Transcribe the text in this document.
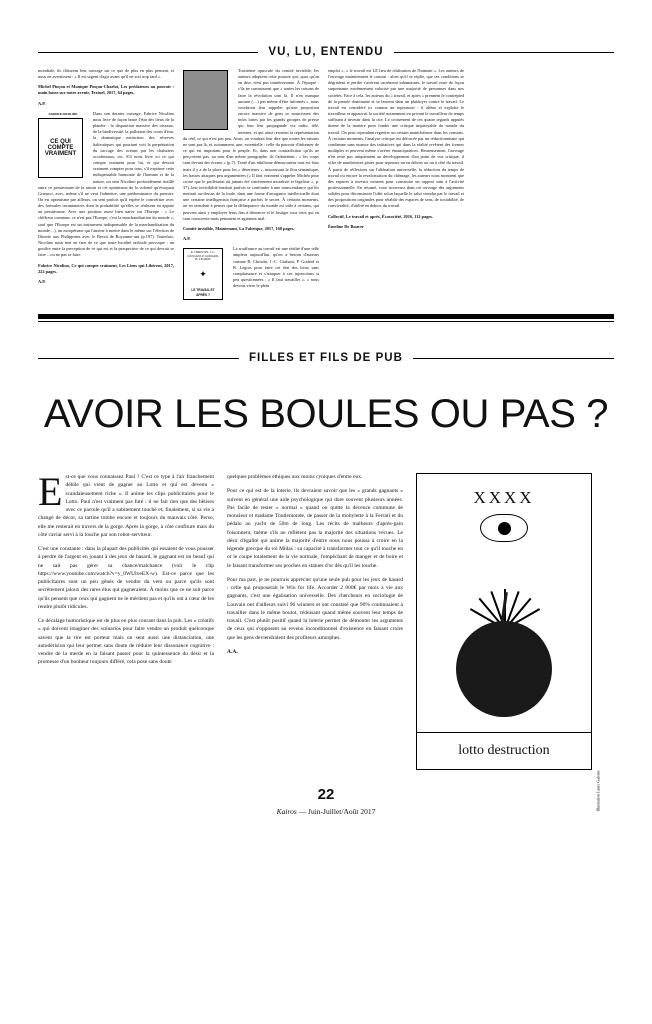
VU, LU, ENTENDU

mondiale, ils clôturent leur ouvrage sur ce que de plus en plus pensent, et nous en avertissent : « Il est urgent d'agir avant qu'il ne soit trop tard ».

Michel Pinçon et Monique Pinçon-Charlot, Les prédateurs au pouvoir : main basse sur notre avenir, Textuel, 2017, 64 pages.

A.P.

FABRICE NICOLINO
CE QUI COMPTE VRAIMENT

Dans son dernier ouvrage, Fabrice Nicolino nous livre de façon brute l'état des lieux de la planète : la disparition massive des oiseaux, de la biodiversité, la pollution des cours d'eau, la dramatique extinction des réserves halieutiques qui pourtant voit la perpétuation du saccage des océans par les chalutiers occidentaux, etc. S'il nous livre ici ce qui compte vraiment pour lui, et qui devrait vraiment compter pour tous, s'il exprime cette indispensable harmonie de l'homme et de la nature, on sent Nicolino profondément tiraillé entre ce pessimisme de la raison et cet optimisme de la volonté qu'évoquait Gramsci, avec, même s'il ne veut l'admettre, une prédominance du premier. On est optimisme par ailleurs, on sent parfois qu'il espère le concrétiser avec des formules incantatoires dont la probabilité qu'elles se réalisent en appuie au pessimisme. Avec une position assez bien naïve sur l'Europe : « Le chiffreur commun; ce n'est pas l'Europe, c'est la marchandisation du monde », sauf que l'Europe est un instrument indispensable de la marchandisation du monde…), un européisme qui l'amène à mettre dans le même sac l'élection de Duterte aux Philippines avec le Brexit de Royaume-uni (p.197). Toutefois, Nicolino nous met en face de ce que toute lucidité radicale provoque : un gouffre entre la perception de ce qui est et la perspective de ce qui devrait se faire – ou ne pas se faire.

Fabrice Nicolino, Ce qui compte vraiment, Les Liens qui Libèrent, 2017, 222 pages.

A.P.

Troisième opuscule du comité invisible, les auteurs adoptent cette posture qui, quoi qu'on en dise, n'est pas inintéressante. À l'époque : s'ils ne connaissent que « toutes les raisons de faire la révolution sont là. Il n'en manque aucune (…) pas même d'être informés », nous voudrions leur rappeler qu'une proportion encore massive de gens se nourrissent des infos faites par les grands groupes de presse qui font leur propagande via radio, télé, internet, et qui ainsi restreint la représentation du réel, ce qui n'est pas peu. Ainsi, on voudrait leur dire que toutes les raisons ne sont pas là, et, notamment, une, essentielle : celle du pouvoir d'informer de ce qui est important pour le peuple. Et, dans une contradiction qu'ils ne perçoivent pas, au sein d'un même paragraphe, ils l'admettent : « les corps sont devant des écrans » (p.7). Tenté d'un nihilisme dénonciateur tout est fous mais il y a de la place pour les « déserteurs », nourrissant le flou sémantique, les basses attaques peu argumentées (« Il faut vraiment s'appeler Michéa pour croire que le prolétariat ait jamais été sincèrement moraliste et légaliste », p. 37), leur invisibilité tendrait parfois se confondre à une transcendance qui les mettrait au-dessus de la foule, dans une forme d'arrogance intellectuelle dont une certaine intelligentsia française a parfois le secret. À certains moments, on en viendrait à penser que la délinquance du monde est utile à certains, qui peuvent ainsi y employer leurs fins à dénoncer et le fustiger tous ceux qui en sont conscients mais pensaient et agiraient mal.

Comité invisible, Maintenant, La Fabrique, 2017, 160 pages.

A.P.

R. CHRISTIN, J.-C. GIULIANI, P. GODARD, B. LEGROS
✦
LE TRAVAIL ET APRÈS ?

La souffrance au travail est une réalité d'une telle ampleur aujourd'hui, qu'on a besoin d'auteurs comme R. Christin, J.-C. Giuliani, P. Godard et B. Legros pour faire cet état des lieux sans complaisance et s'attaquer à ces injonctions si peu questionnées : « Il faut travailler », « nous devons vivre le plein

emploi », « le travail est LE lieu de réalisation de l'humain ». Les auteurs de l'ouvrage maintiennent le constat : alors qu'il se réplie, que ses conditions se dégradent et perdre s'avèrent carrément inhumaines, le travail reste de façon surprenante extrêmement valorisé par une majorité de personnes dans nos sociétés. Face à cela, les auteurs du « travail, et après » prennent le contrepied de la pensée dominante et se lancent dans un plaidoyer contre le travail. Le travail est considéré ici comme un repoussoir : il aliène et exploite le travailleur et appauvrit la société notamment en privant le travailleur de temps suffisant à investir dans la cité. Le croisement de ces quatre regards appuiés donne de la matière pour fonder une critique impitoyable du monde du travail. On peut cependant regretter un certain manichéisme dans les constats. À certains moments, l'analyse critique est déforcée par un réductionnisme qui condamne sans nuance des initiatives qui dans la réalité revêtent des formes multiples et peuvent même s'avérer émancipatrices. Heureusement, l'ouvrage n'en reste pas uniquement au développement d'un point de vue critique, il offre de nombreuses pistes pour repenser un en dehors ou un à côté du travail. À partir de réflexions sur l'aliénation universelle, la réduction du temps de travail ou encore la revalorisation du chômage, les auteurs nous montrent que des espaces à investir existent pour construire un rapport sain à l'activité professionnelle. En résumé, vous trouverez dans cet ouvrage des arguments solides pour déconstruire l'idée selon laquelle le salut viendra par le travail et des propositions originales pour rétablir des espaces de sens, de sociabilité, de convivialité, d'utilité en dehors du travail.

Collectif, Le travail et après, Écosociété, 2016, 112 pages.

Émeline De Bouver

FILLES ET FILS DE PUB
AVOIR LES BOULES OU PAS ?

Est-ce que vous connaissez Paul ? C'est ce type à l'air franchement débile qui vient de gagner au Lotto et qui est devenu « scandaleusement riche ». Il anime les clips publicitaires pour le Lotto. Paul n'est vraiment pas futé : il ne fait rien que des bêtises avec ce pactole qu'il a subitement touché et, finalement, si sa vie a changé de décor, sa tartine tombe encore et toujours du mauvais côté. Perso, elle me resterait en travers de la gorge. Après la gorge, à côté confiture mais du côté caviar servi à la louche par son robot-serviteur.

C'est une constante : dans la plupart des publicités qui essaient de vous pousser à perdre de l'argent en jouant à des jeux de hasard, le gagnant est un beauf qui ne sait pas gérer sa chance/malchance (voir le clip https://www.youtube.com/watch?v=y_0WUlveEX-w). Est-ce parce que les publicitaires sont un peu gênés de vendre du vent ou parce qu'ils sont secrètement jaloux des rares élus qui gagneraient. À moins que ce ne soit parce qu'ils pensent que ceux qui gagnent ne le méritent pas et qu'ils ont à cœur de les rendre plutôt ridicules.

Ce décalage humoristique est de plus en plus courant dans la pub. Les « créatifs » qui doivent imaginer des scénarios pour faire vendre un produit quelconque savent que la rire est porteur mais on sent aussi une distanciation, une autodérision qui leur permet sans doute de réduire leur dissonance cognitive : vendre de la merde en la faisant passer pour la quintessence du désir et la promesse d'un bonheur toujours différé, cela pose sans doute

quelques problèmes éthiques aux moins cyniques d'entre eux.

Pour ce qui est de la loterie, ils devraient savoir que les « grands gagnants » suivent en général une aide psychologique qui dure souvent plusieurs années. Pas facile de rester « normal » quand on quitte la décence commune de monsieur et madame Toutlemonde, de passer de la mobylette à la Ferrari et du pédalo au yacht de 50m de long. Les récits de malheurs d'après-gain foisonnent, même s'ils ne reflètent pas la majorité des situations vécues. Le désir d'égalité qui anime la majorité d'entre nous nous poussa à croire en la légende grecque du roi Midas : sa capacité à transformer tout ce qu'il touche en or le coupe totalement de la vie normale, l'empêchant de manger et de boire et le faisant transformer ses proches en statues d'or dès qu'il les touche.

Pour ma part, je ne pourrais apprécier qu'une seule pub pour les jeux de hasard : celle qui proposerait le Win for life. Accorder 2 000€ par mois à vie aux gagnants, c'est une égalisation universelle. Des chercheurs en sociologie de Louvain ont d'ailleurs suivi 96 winners et ont constaté que 90% continuaient à travailler dans le même boulot, réduisant quand même souvent leur temps de travail. C'est plutôt positif quand la loterie permet de démonter les arguments de ceux qui s'opposent au revenu inconditionnel d'existence en faisant croire que les gens deviendraient des profiteurs amorphes.

A.A.

XXXX
lotto destruction
Illustration Laure Galerne
22
Kairos — Juin-Juillet/Août 2017
